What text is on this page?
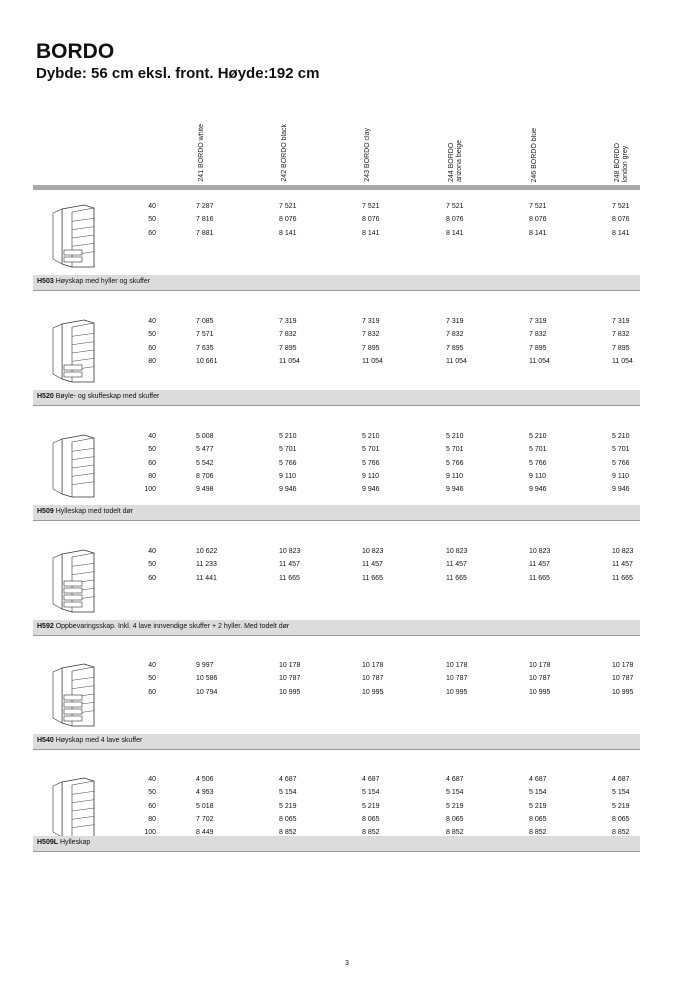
BORDO
Dybde: 56 cm eksl. front. Høyde:192 cm
241 BORDO white	242 BORDO black	243 BORDO clay	244 BORDO arizona beige	246 BORDO blue	248 BORDO london grey
40	7 287	7 521	7 521	7 521	7 521	7 521
50	7 816	8 076	8 076	8 076	8 076	8 076
60	7 881	8 141	8 141	8 141	8 141	8 141
H503 Høyskap med hyller og skuffer
40	7 085	7 319	7 319	7 319	7 319	7 319
50	7 571	7 832	7 832	7 832	7 832	7 832
60	7 635	7 895	7 895	7 895	7 895	7 895
80	10 661	11 054	11 054	11 054	11 054	11 054
H520 Bøyle- og skuffeskap med skuffer
40	5 008	5 210	5 210	5 210	5 210	5 210
50	5 477	5 701	5 701	5 701	5 701	5 701
60	5 542	5 766	5 766	5 766	5 766	5 766
80	8 706	9 110	9 110	9 110	9 110	9 110
100	9 498	9 946	9 946	9 946	9 946	9 946
H509 Hylleskap med todelt dør
40	10 622	10 823	10 823	10 823	10 823	10 823
50	11 233	11 457	11 457	11 457	11 457	11 457
60	11 441	11 665	11 665	11 665	11 665	11 665
H592 Oppbevaringsskap. Inkl. 4 lave innvendige skuffer + 2 hyller. Med todelt dør
40	9 997	10 178	10 178	10 178	10 178	10 178
50	10 586	10 787	10 787	10 787	10 787	10 787
60	10 794	10 995	10 995	10 995	10 995	10 995
H540 Høyskap med 4 lave skuffer
40	4 506	4 687	4 687	4 687	4 687	4 687
50	4 953	5 154	5 154	5 154	5 154	5 154
60	5 018	5 219	5 219	5 219	5 219	5 219
80	7 702	8 065	8 065	8 065	8 065	8 065
100	8 449	8 852	8 852	8 852	8 852	8 852
H509L Hylleskap
3
